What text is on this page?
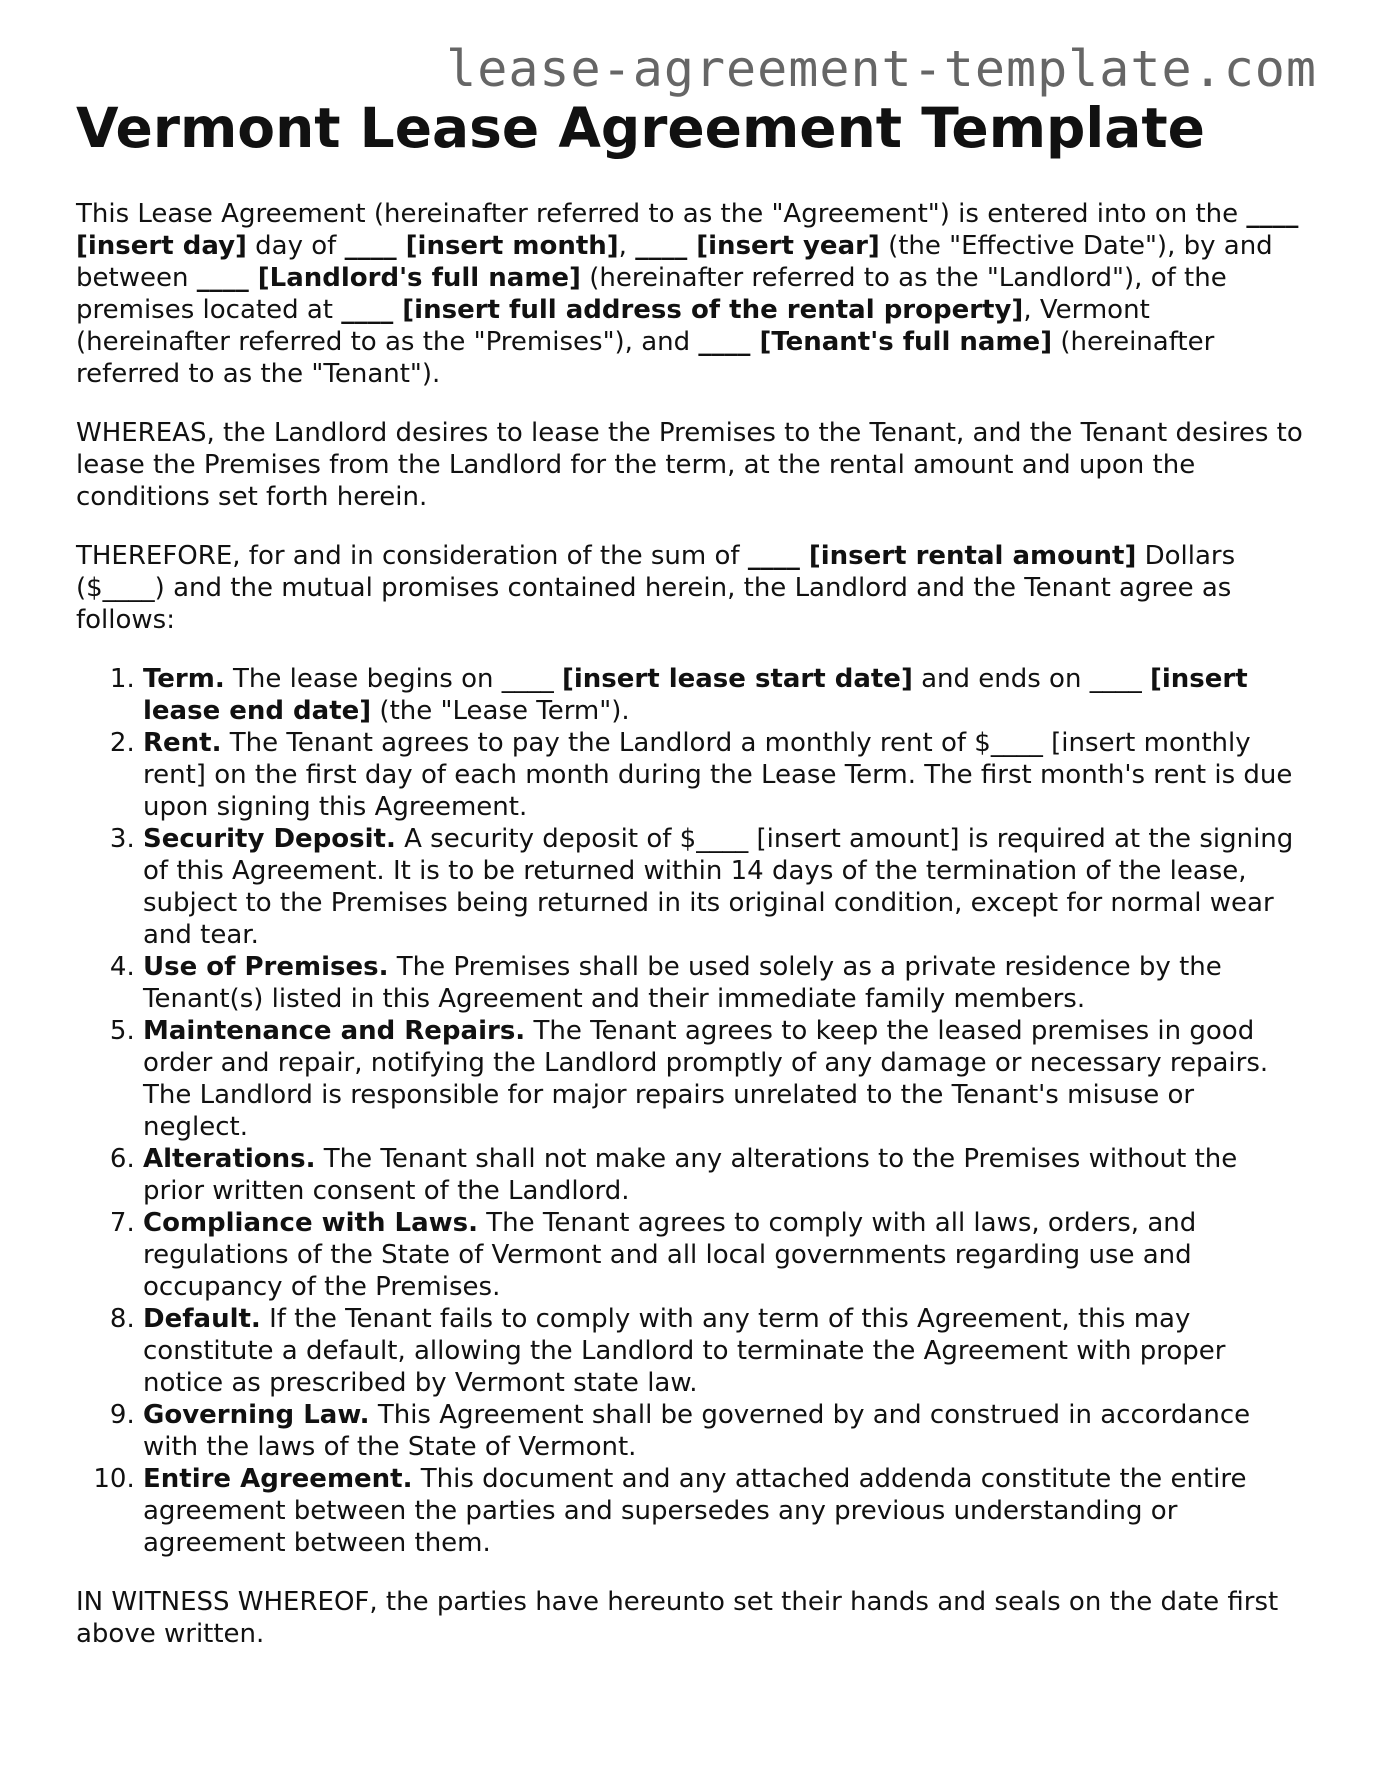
lease-agreement-template.com
Vermont Lease Agreement Template

This Lease Agreement (hereinafter referred to as the "Agreement") is entered into on the ____ [insert day] day of ____ [insert month], ____ [insert year] (the "Effective Date"), by and between ____ [Landlord's full name] (hereinafter referred to as the "Landlord"), of the premises located at ____ [insert full address of the rental property], Vermont (hereinafter referred to as the "Premises"), and ____ [Tenant's full name] (hereinafter referred to as the "Tenant").

WHEREAS, the Landlord desires to lease the Premises to the Tenant, and the Tenant desires to lease the Premises from the Landlord for the term, at the rental amount and upon the conditions set forth herein.

THEREFORE, for and in consideration of the sum of ____ [insert rental amount] Dollars ($____) and the mutual promises contained herein, the Landlord and the Tenant agree as follows:

1. Term. The lease begins on ____ [insert lease start date] and ends on ____ [insert lease end date] (the "Lease Term").
2. Rent. The Tenant agrees to pay the Landlord a monthly rent of $____ [insert monthly rent] on the first day of each month during the Lease Term. The first month's rent is due upon signing this Agreement.
3. Security Deposit. A security deposit of $____ [insert amount] is required at the signing of this Agreement. It is to be returned within 14 days of the termination of the lease, subject to the Premises being returned in its original condition, except for normal wear and tear.
4. Use of Premises. The Premises shall be used solely as a private residence by the Tenant(s) listed in this Agreement and their immediate family members.
5. Maintenance and Repairs. The Tenant agrees to keep the leased premises in good order and repair, notifying the Landlord promptly of any damage or necessary repairs. The Landlord is responsible for major repairs unrelated to the Tenant's misuse or neglect.
6. Alterations. The Tenant shall not make any alterations to the Premises without the prior written consent of the Landlord.
7. Compliance with Laws. The Tenant agrees to comply with all laws, orders, and regulations of the State of Vermont and all local governments regarding use and occupancy of the Premises.
8. Default. If the Tenant fails to comply with any term of this Agreement, this may constitute a default, allowing the Landlord to terminate the Agreement with proper notice as prescribed by Vermont state law.
9. Governing Law. This Agreement shall be governed by and construed in accordance with the laws of the State of Vermont.
10. Entire Agreement. This document and any attached addenda constitute the entire agreement between the parties and supersedes any previous understanding or agreement between them.

IN WITNESS WHEREOF, the parties have hereunto set their hands and seals on the date first above written.
